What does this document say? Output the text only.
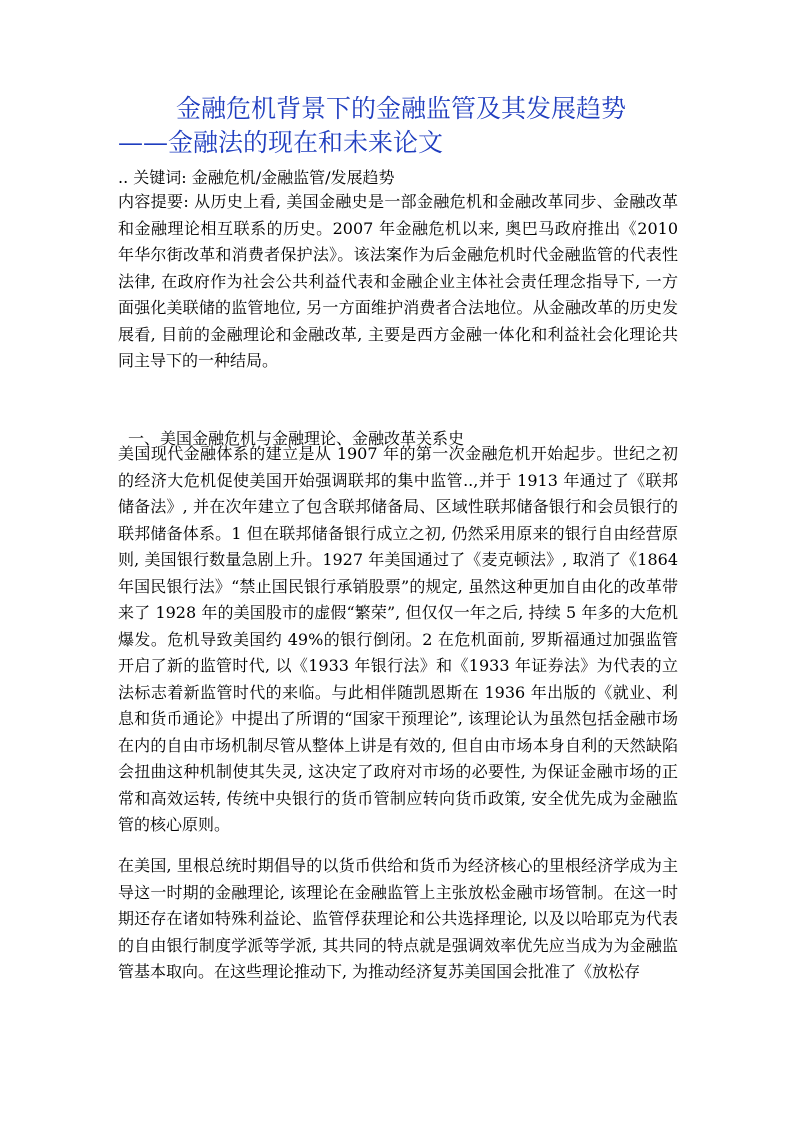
金融危机背景下的金融监管及其发展趋势
——金融法的现在和未来论文
.. 关键词: 金融危机/金融监管/发展趋势

内容提要: 从历史上看, 美国金融史是一部金融危机和金融改革同步、金融改革和金融理论相互联系的历史。2007 年金融危机以来, 奥巴马政府推出《2010 年华尔街改革和消费者保护法》。该法案作为后金融危机时代金融监管的代表性法律, 在政府作为社会公共利益代表和金融企业主体社会责任理念指导下, 一方面强化美联储的监管地位, 另一方面维护消费者合法地位。从金融改革的历史发展看, 目前的金融理论和金融改革, 主要是西方金融一体化和利益社会化理论共同主导下的一种结局。

一、美国金融危机与金融理论、金融改革关系史

美国现代金融体系的建立是从 1907 年的第一次金融危机开始起步。世纪之初的经济大危机促使美国开始强调联邦的集中监管..,并于 1913 年通过了《联邦储备法》, 并在次年建立了包含联邦储备局、区域性联邦储备银行和会员银行的联邦储备体系。1 但在联邦储备银行成立之初, 仍然采用原来的银行自由经营原则, 美国银行数量急剧上升。1927 年美国通过了《麦克顿法》, 取消了《1864 年国民银行法》“禁止国民银行承销股票”的规定, 虽然这种更加自由化的改革带来了 1928 年的美国股市的虚假“繁荣”, 但仅仅一年之后, 持续 5 年多的大危机爆发。危机导致美国约 49%的银行倒闭。2 在危机面前, 罗斯福通过加强监管开启了新的监管时代, 以《1933 年银行法》和《1933 年证券法》为代表的立法标志着新监管时代的来临。与此相伴随凯恩斯在 1936 年出版的《就业、利息和货币通论》中提出了所谓的“国家干预理论”, 该理论认为虽然包括金融市场在内的自由市场机制尽管从整体上讲是有效的, 但自由市场本身自利的天然缺陷会扭曲这种机制使其失灵, 这决定了政府对市场的必要性, 为保证金融市场的正常和高效运转, 传统中央银行的货币管制应转向货币政策, 安全优先成为金融监管的核心原则。

在美国, 里根总统时期倡导的以货币供给和货币为经济核心的里根经济学成为主导这一时期的金融理论, 该理论在金融监管上主张放松金融市场管制。在这一时期还存在诸如特殊利益论、监管俘获理论和公共选择理论, 以及以哈耶克为代表的自由银行制度学派等学派, 其共同的特点就是强调效率优先应当成为为金融监管基本取向。在这些理论推动下, 为推动经济复苏美国国会批准了《放松存
